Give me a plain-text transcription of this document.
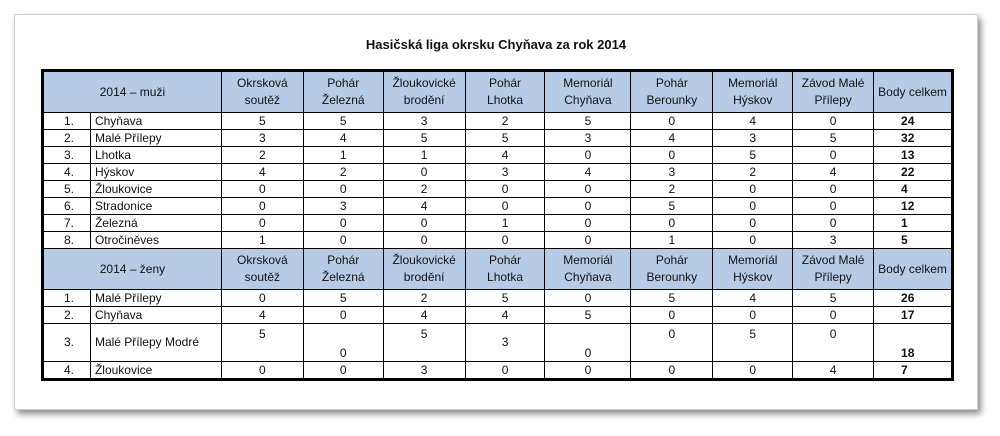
Hasičská liga okrsku Chyňava za rok 2014
2014 – muži		Okrsková soutěž	Pohár Železná	Žloukovické brodění	Pohár Lhotka	Memoriál Chyňava	Pohár Berounky	Memoriál Hýskov	Závod Malé Přílepy	Body celkem
1.	Chyňava	5	5	3	2	5	0	4	0	24
2.	Malé Přílepy	3	4	5	5	3	4	3	5	32
3.	Lhotka	2	1	1	4	0	0	5	0	13
4.	Hýskov	4	2	0	3	4	3	2	4	22
5.	Žloukovice	0	0	2	0	0	2	0	0	4
6.	Stradonice	0	3	4	0	0	5	0	0	12
7.	Železná	0	0	0	1	0	0	0	0	1
8.	Otročiněves	1	0	0	0	0	1	0	3	5
2014 – ženy		Okrsková soutěž	Pohár Železná	Žloukovické brodění	Pohár Lhotka	Memoriál Chyňava	Pohár Berounky	Memoriál Hýskov	Závod Malé Přílepy	Body celkem
1.	Malé Přílepy	0	5	2	5	0	5	4	5	26
2.	Chyňava	4	0	4	4	5	0	0	0	17
3.	Malé Přílepy Modré	5	0	5	3	0	0	5	0	18
4.	Žloukovice	0	0	3	0	0	0	0	4	7
